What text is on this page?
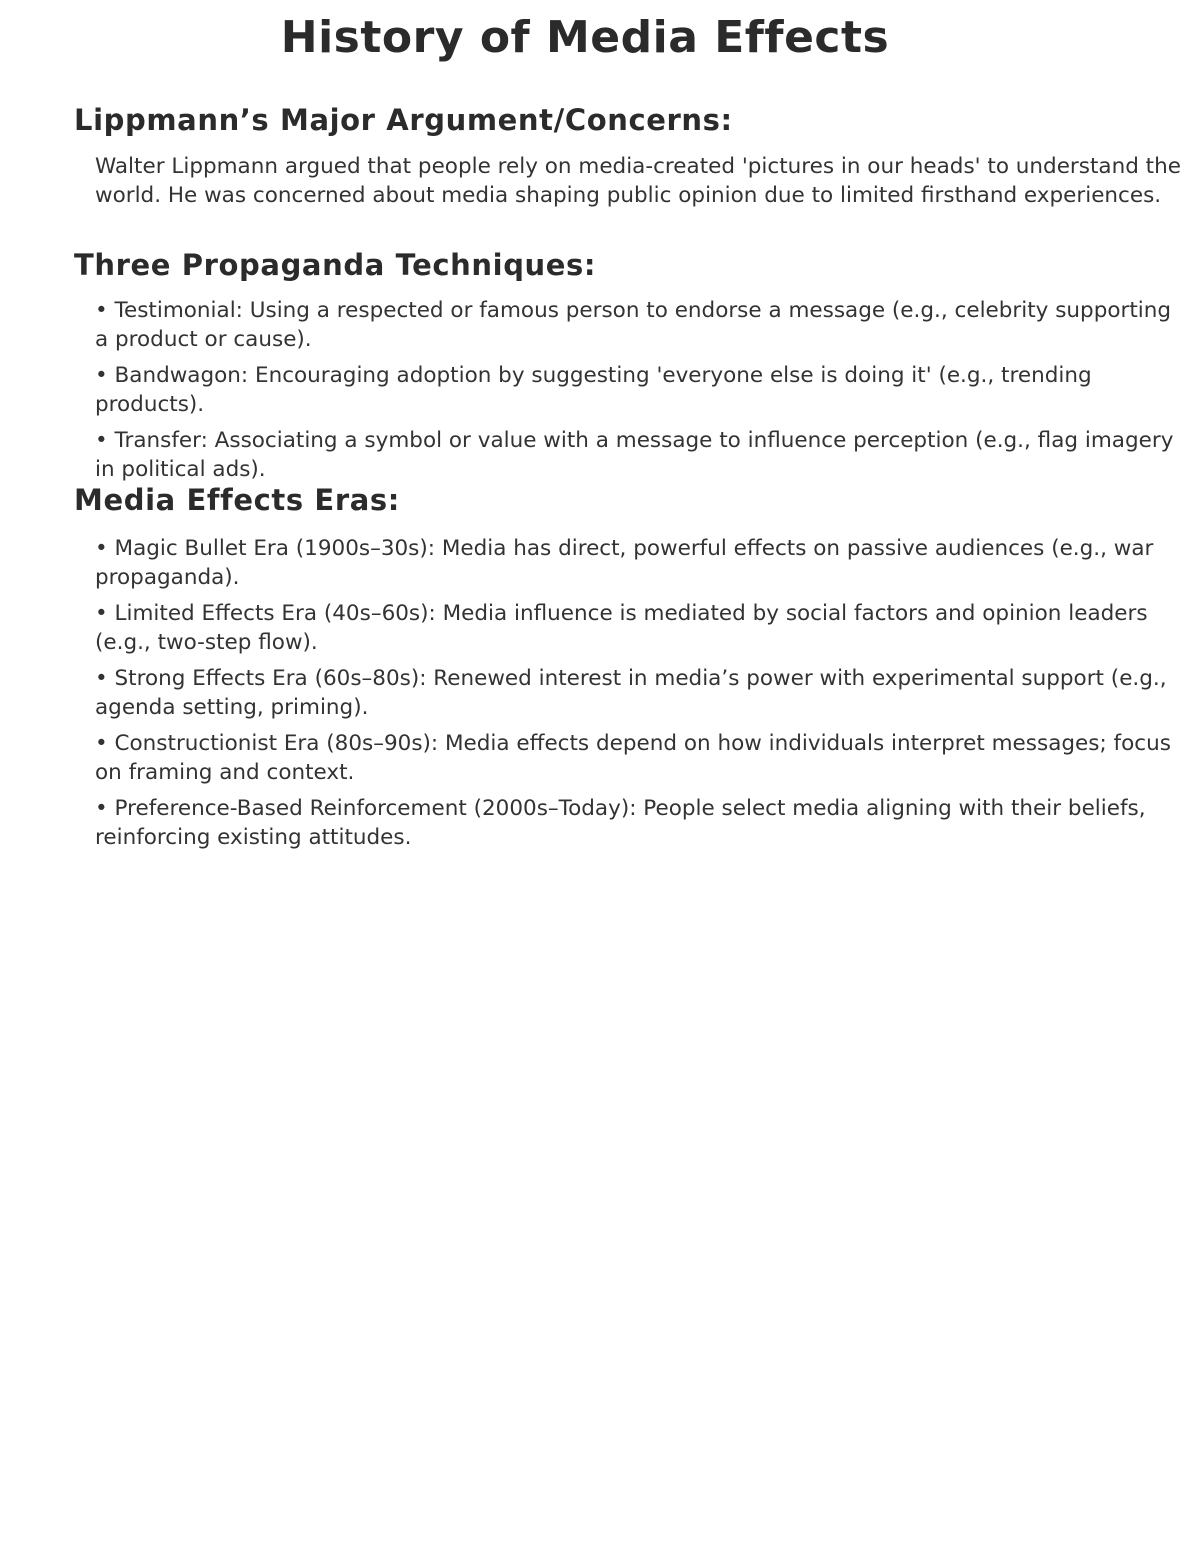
History of Media Effects
Lippmann’s Major Argument/Concerns:

Walter Lippmann argued that people rely on media-created 'pictures in our heads' to understand the world. He was concerned about media shaping public opinion due to limited firsthand experiences.

Three Propaganda Techniques:
• Testimonial: Using a respected or famous person to endorse a message (e.g., celebrity supporting a product or cause).
• Bandwagon: Encouraging adoption by suggesting 'everyone else is doing it' (e.g., trending products).
• Transfer: Associating a symbol or value with a message to influence perception (e.g., flag imagery in political ads).
Media Effects Eras:
• Magic Bullet Era (1900s–30s): Media has direct, powerful effects on passive audiences (e.g., war propaganda).
• Limited Effects Era (40s–60s): Media influence is mediated by social factors and opinion leaders (e.g., two-step flow).
• Strong Effects Era (60s–80s): Renewed interest in media’s power with experimental support (e.g., agenda setting, priming).
• Constructionist Era (80s–90s): Media effects depend on how individuals interpret messages; focus on framing and context.
• Preference-Based Reinforcement (2000s–Today): People select media aligning with their beliefs, reinforcing existing attitudes.
